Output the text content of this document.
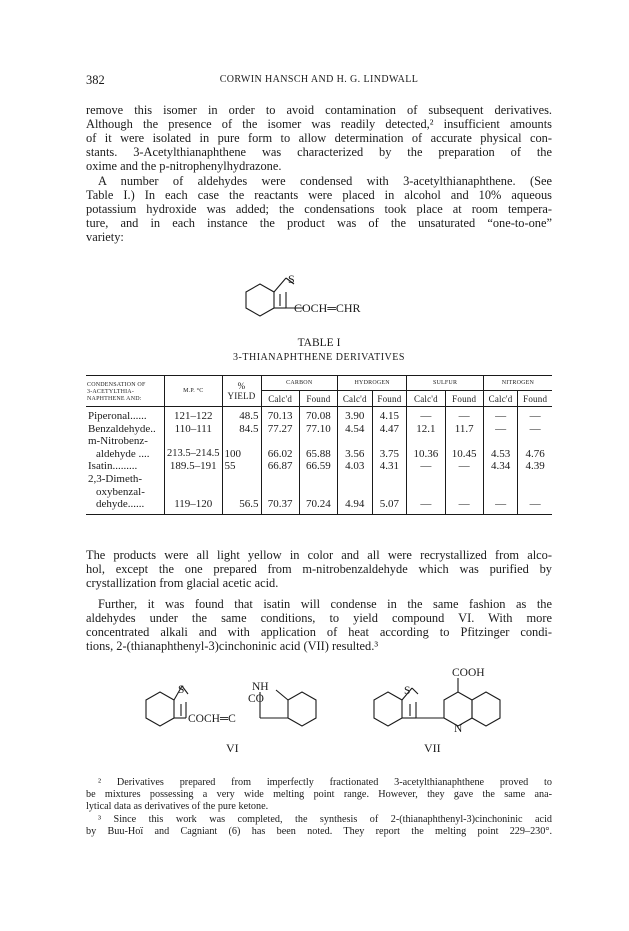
382	CORWIN HANSCH AND H. G. LINDWALL
remove this isomer in order to avoid contamination of subsequent derivatives.
Although the presence of the isomer was readily detected,² insufficient amounts
of it were isolated in pure form to allow determination of accurate physical con-
stants. 3-Acetylthianaphthene was characterized by the preparation of the
oxime and the p-nitrophenylhydrazone.
A number of aldehydes were condensed with 3-acetylthianaphthene. (See
Table I.) In each case the reactants were placed in alcohol and 10% aqueous
potassium hydroxide was added; the condensations took place at room tempera-
ture, and in each instance the product was of the unsaturated “one-to-one”
variety:
S
COCH═CHR
TABLE I
3-THIANAPHTHENE DERIVATIVES
CONDENSATION OF
3-ACETYLTHIA-
NAPHTHENE AND:	M.P. °C	% YIELD	CARBON		HYDROGEN		SULFUR		NITROGEN	
			Calc'd	Found	Calc'd	Found	Calc'd	Found	Calc'd	Found
Piperonal......	121–122	48.5	70.13	70.08	3.90	4.15	—	—	—	—
Benzaldehyde..	110–111	84.5	77.27	77.10	4.54	4.47	12.1	11.7	—	—
m-Nitrobenz-										
aldehyde ....	213.5–214.5	100	66.02	65.88	3.56	3.75	10.36	10.45	4.53	4.76
Isatin.........	189.5–191	55	66.87	66.59	4.03	4.31	—	—	4.34	4.39
2,3-Dimeth-										
oxybenzal-										
dehyde......	119–120	56.5	70.37	70.24	4.94	5.07	—	—	—	—
The products were all light yellow in color and all were recrystallized from alco-
hol, except the one prepared from m-nitrobenzaldehyde which was purified by
crystallization from glacial acetic acid.
Further, it was found that isatin will condense in the same fashion as the
aldehydes under the same conditions, to yield compound VI. With more
concentrated alkali and with application of heat according to Pfitzinger condi-
tions, 2-(thianaphthenyl-3)cinchoninic acid (VII) resulted.³
S	NH
CO
COCH═C
VI
S
N
COOH
VII
² Derivatives prepared from imperfectly fractionated 3-acetylthianaphthene proved to
be mixtures possessing a very wide melting point range. However, they gave the same ana-
lytical data as derivatives of the pure ketone.
³ Since this work was completed, the synthesis of 2-(thianaphthenyl-3)cinchoninic acid
by Buu-Hoï and Cagniant (6) has been noted. They report the melting point 229–230°.
